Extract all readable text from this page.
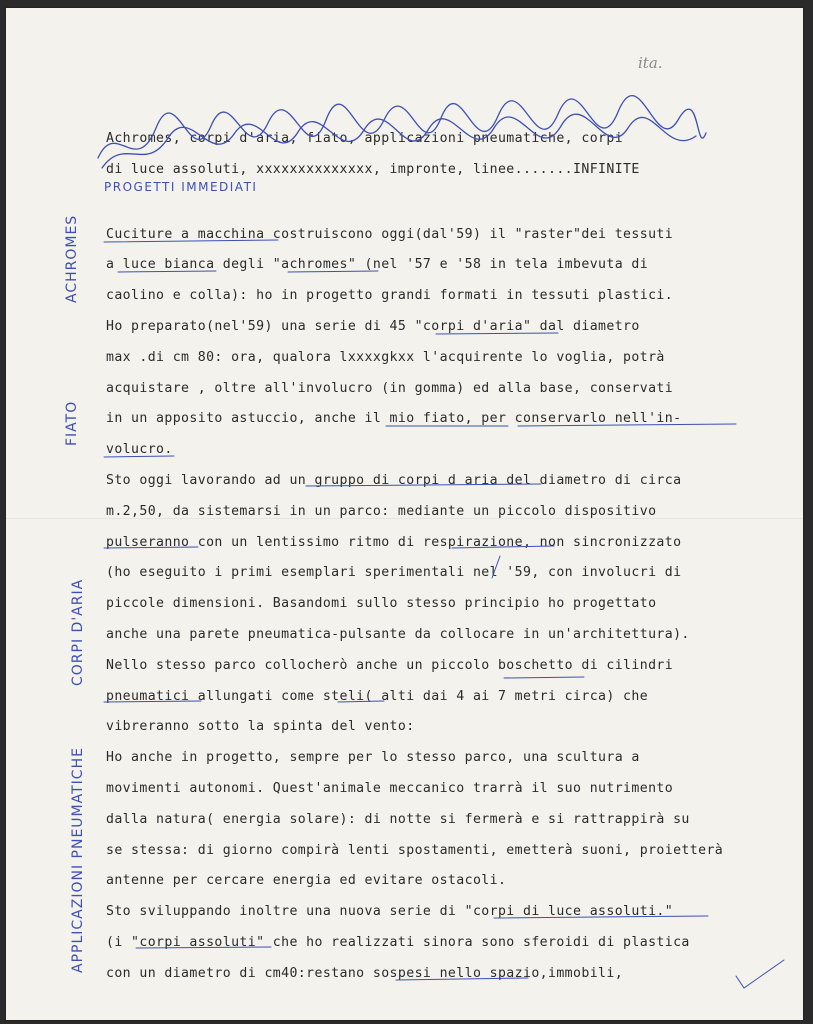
ita.
Achromes, corpi d'aria, fiato, applicazioni pneumatiche, corpi
di luce assoluti, xxxxxxxxxxxxxx, impronte, linee.......INFINITE
Cuciture a macchina costruiscono oggi(dal'59) il "raster"dei tessuti
a luce bianca degli "achromes" (nel '57 e '58 in tela imbevuta di
caolino e colla): ho in progetto grandi formati in tessuti plastici.
Ho preparato(nel'59) una serie di 45 "corpi d'aria" dal diametro
max .di cm 80: ora, qualora lxxxxgkxx l'acquirente lo voglia, potrà
acquistare , oltre all'involucro (in gomma) ed alla base, conservati
in un apposito astuccio, anche il mio fiato, per conservarlo nell'in-
volucro.
Sto oggi lavorando ad un gruppo di corpi d aria del diametro di circa
m.2,50, da sistemarsi in un parco: mediante un piccolo dispositivo
pulseranno con un lentissimo ritmo di respirazione, non sincronizzato
(ho eseguito i primi esemplari sperimentali nel '59, con involucri di
piccole dimensioni. Basandomi sullo stesso principio ho progettato
anche una parete pneumatica-pulsante da collocare in un'architettura).
Nello stesso parco collocherò anche un piccolo boschetto di cilindri
pneumatici allungati come steli( alti dai 4 ai 7 metri circa) che
vibreranno sotto la spinta del vento:
Ho anche in progetto, sempre per lo stesso parco, una scultura a
movimenti autonomi. Quest'animale meccanico trarrà il suo nutrimento
dalla natura( energia solare): di notte si fermerà e si rattrappirà su
se stessa: di giorno compirà lenti spostamenti, emetterà suoni, proietterà
antenne per cercare energia ed evitare ostacoli.
Sto sviluppando inoltre una nuova serie di "corpi di luce assoluti."
(i "corpi assoluti" che ho realizzati sinora sono sferoidi di plastica
con un diametro di cm40:restano sospesi nello spazio,immobili,
PROGETTI IMMEDIATI
ACHROMES
FIATO
CORPI D'ARIA
APPLICAZIONI PNEUMATICHE
